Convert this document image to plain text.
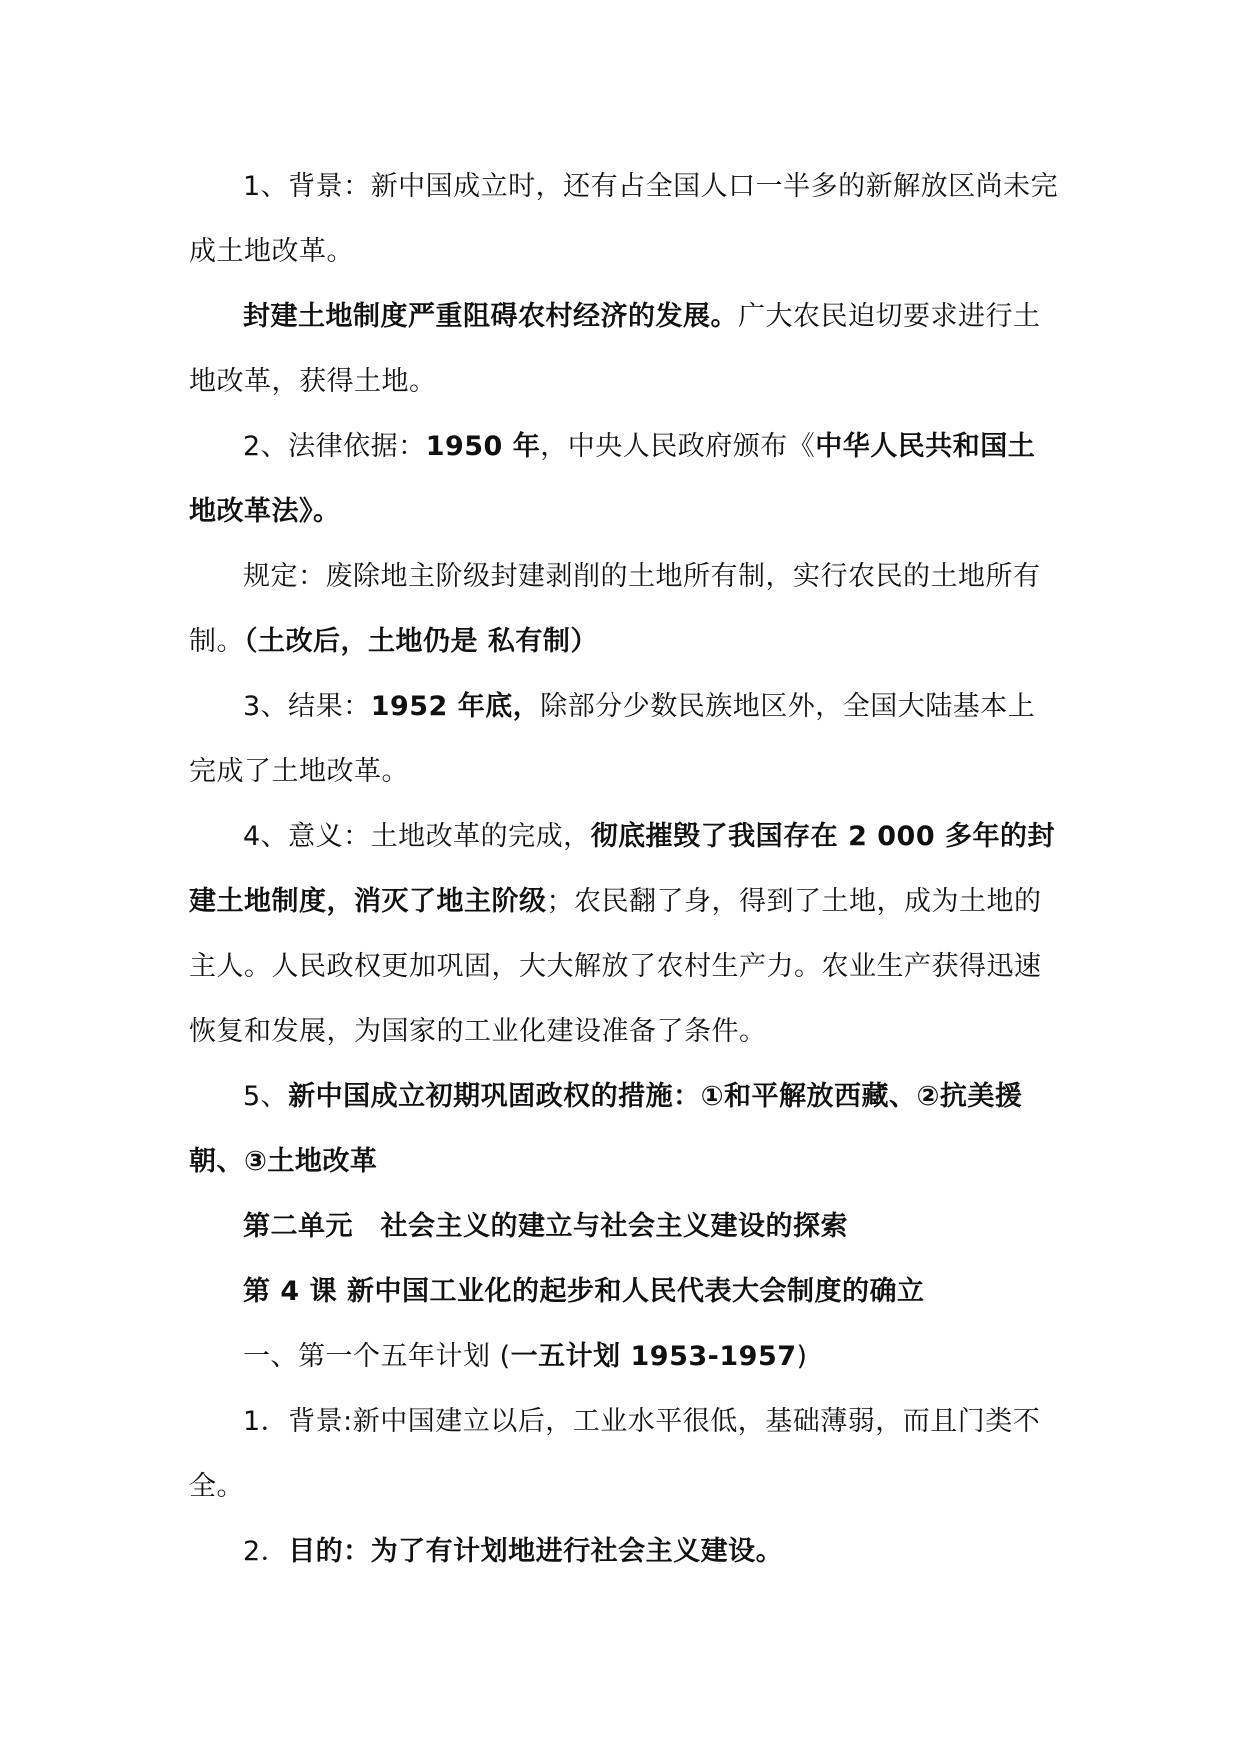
1、背景：新中国成立时，还有占全国人口一半多的新解放区尚未完成土地改革。

封建土地制度严重阻碍农村经济的发展。广大农民迫切要求进行土地改革，获得土地。

2、法律依据：1950 年，中央人民政府颁布《中华人民共和国土地改革法》。

规定：废除地主阶级封建剥削的土地所有制，实行农民的土地所有制。（土改后，土地仍是 私有制）

3、结果：1952 年底，除部分少数民族地区外，全国大陆基本上完成了土地改革。

4、意义：土地改革的完成，彻底摧毁了我国存在 2 000 多年的封建土地制度，消灭了地主阶级；农民翻了身，得到了土地，成为土地的主人。人民政权更加巩固，大大解放了农村生产力。农业生产获得迅速恢复和发展，为国家的工业化建设准备了条件。

5、新中国成立初期巩固政权的措施：①和平解放西藏、②抗美援朝、③土地改革

第二单元　社会主义的建立与社会主义建设的探索

第 4 课 新中国工业化的起步和人民代表大会制度的确立

一、第一个五年计划 (一五计划 1953-1957)

1．背景:新中国建立以后，工业水平很低，基础薄弱，而且门类不全。

2．目的：为了有计划地进行社会主义建设。
